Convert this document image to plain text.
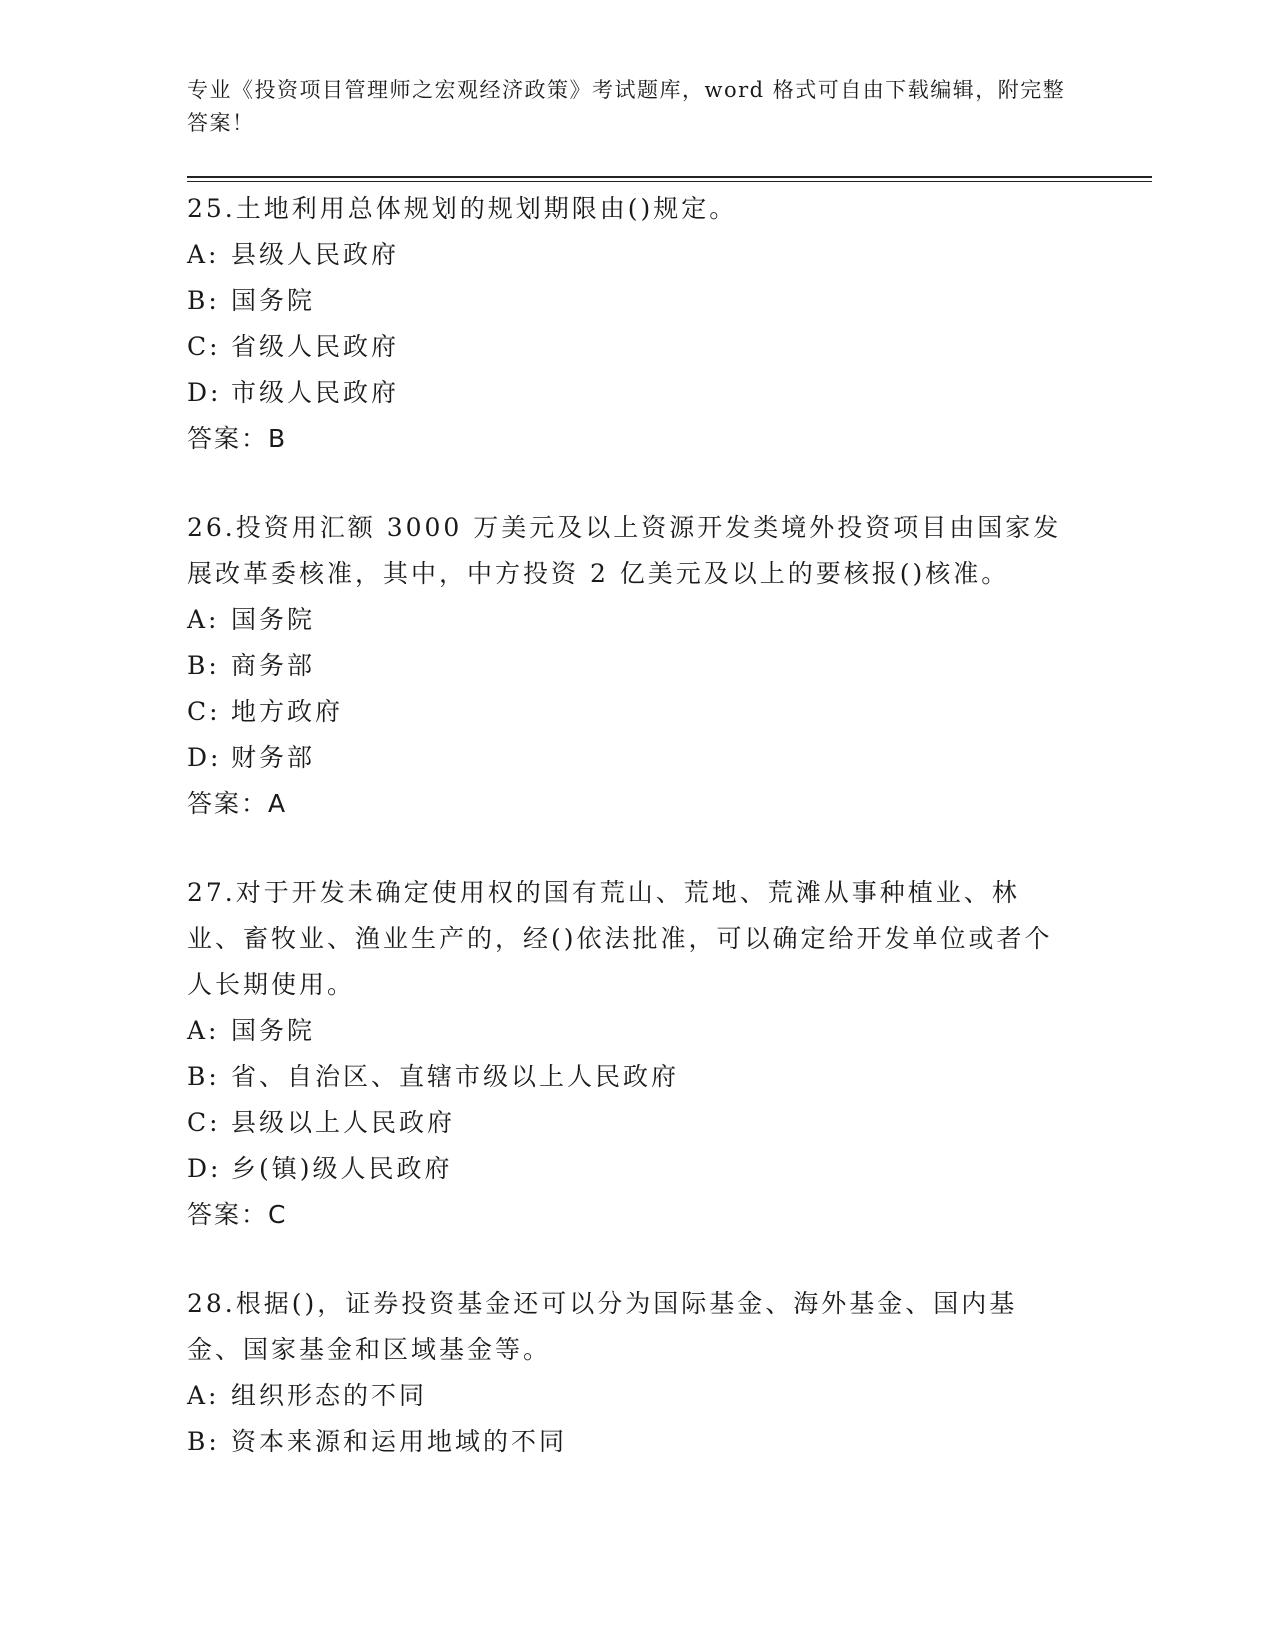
专业《投资项目管理师之宏观经济政策》考试题库，word 格式可自由下载编辑，附完整答案！

25.土地利用总体规划的规划期限由()规定。

A: 县级人民政府

B: 国务院

C: 省级人民政府

D: 市级人民政府

答案：B

26.投资用汇额 3000 万美元及以上资源开发类境外投资项目由国家发展改革委核准，其中，中方投资 2 亿美元及以上的要核报()核准。

A: 国务院

B: 商务部

C: 地方政府

D: 财务部

答案：A

27.对于开发未确定使用权的国有荒山、荒地、荒滩从事种植业、林业、畜牧业、渔业生产的，经()依法批准，可以确定给开发单位或者个人长期使用。

A: 国务院

B: 省、自治区、直辖市级以上人民政府

C: 县级以上人民政府

D: 乡(镇)级人民政府

答案：C

28.根据()，证券投资基金还可以分为国际基金、海外基金、国内基金、国家基金和区域基金等。

A: 组织形态的不同

B: 资本来源和运用地域的不同
